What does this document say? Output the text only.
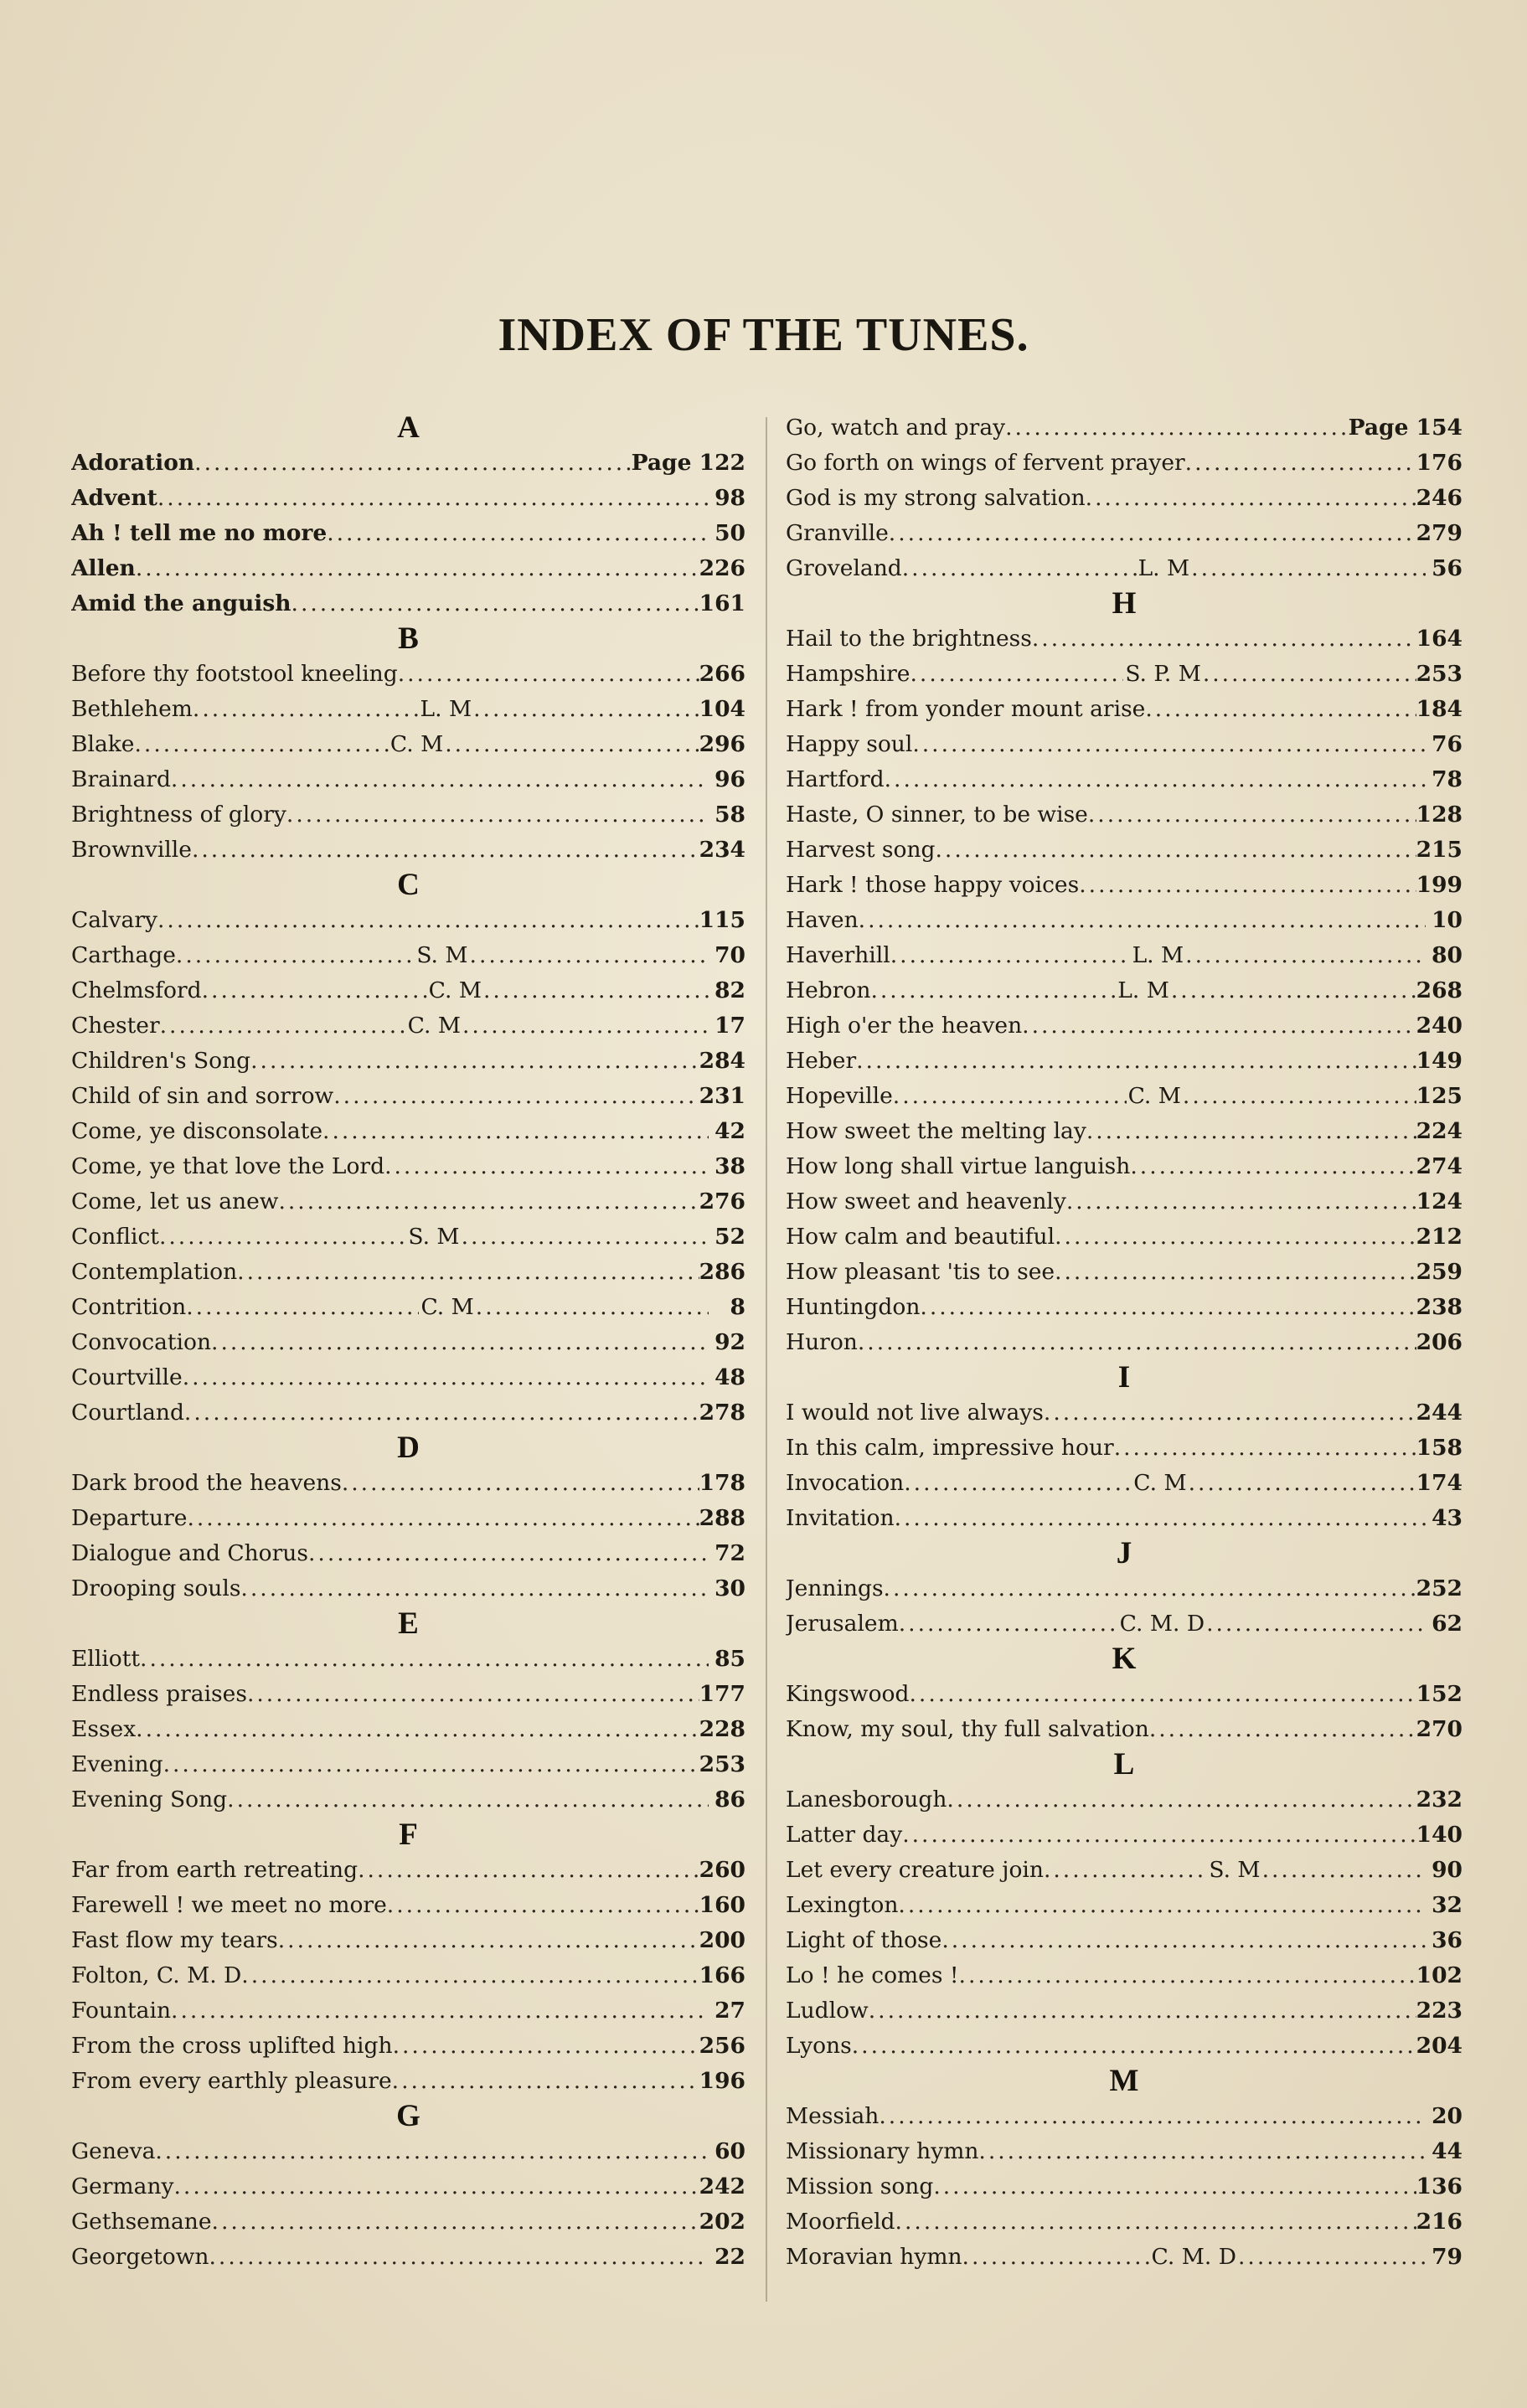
INDEX OF THE TUNES.
A
Adoration .....	Page 122
Advent .....	98
Ah ! tell me no more .....	50
Allen .....	226
Amid the anguish .....	161
B
Before thy footstool kneeling .....	266
Bethlehem .....	L. M .....	104
Blake .....	C. M .....	296
Brainard .....	96
Brightness of glory .....	58
Brownville .....	234
C
Calvary .....	115
Carthage .....	S. M .....	70
Chelmsford .....	C. M .....	82
Chester .....	C. M .....	17
Children's Song .....	284
Child of sin and sorrow .....	231
Come, ye disconsolate .....	42
Come, ye that love the Lord .....	38
Come, let us anew .....	276
Conflict .....	S. M .....	52
Contemplation .....	286
Contrition .....	C. M .....	8
Convocation .....	92
Courtville .....	48
Courtland .....	278
D
Dark brood the heavens .....	178
Departure .....	288
Dialogue and Chorus .....	72
Drooping souls .....	30
E
Elliott .....	85
Endless praises .....	177
Essex .....	228
Evening .....	253
Evening Song .....	86
F
Far from earth retreating .....	260
Farewell ! we meet no more .....	160
Fast flow my tears .....	200
Folton, C. M. D .....	166
Fountain .....	27
From the cross uplifted high .....	256
From every earthly pleasure .....	196
G
Geneva .....	60
Germany .....	242
Gethsemane .....	202
Georgetown .....	22
Go, watch and pray .....	Page 154
Go forth on wings of fervent prayer .....	176
God is my strong salvation .....	246
Granville .....	279
Groveland .....	L. M .....	56
H
Hail to the brightness .....	164
Hampshire .....	S. P. M .....	253
Hark ! from yonder mount arise .....	184
Happy soul .....	76
Hartford .....	78
Haste, O sinner, to be wise .....	128
Harvest song .....	215
Hark ! those happy voices .....	199
Haven .....	10
Haverhill .....	L. M .....	80
Hebron .....	L. M .....	268
High o'er the heaven .....	240
Heber .....	149
Hopeville .....	C. M .....	125
How sweet the melting lay .....	224
How long shall virtue languish .....	274
How sweet and heavenly .....	124
How calm and beautiful .....	212
How pleasant 'tis to see .....	259
Huntingdon .....	238
Huron .....	206
I
I would not live always .....	244
In this calm, impressive hour .....	158
Invocation .....	C. M .....	174
Invitation .....	43
J
Jennings .....	252
Jerusalem .....	C. M. D .....	62
K
Kingswood .....	152
Know, my soul, thy full salvation .....	270
L
Lanesborough .....	232
Latter day .....	140
Let every creature join .....	S. M .....	90
Lexington .....	32
Light of those .....	36
Lo ! he comes ! .....	102
Ludlow .....	223
Lyons .....	204
M
Messiah .....	20
Missionary hymn .....	44
Mission song .....	136
Moorfield .....	216
Moravian hymn .....	C. M. D .....	79
